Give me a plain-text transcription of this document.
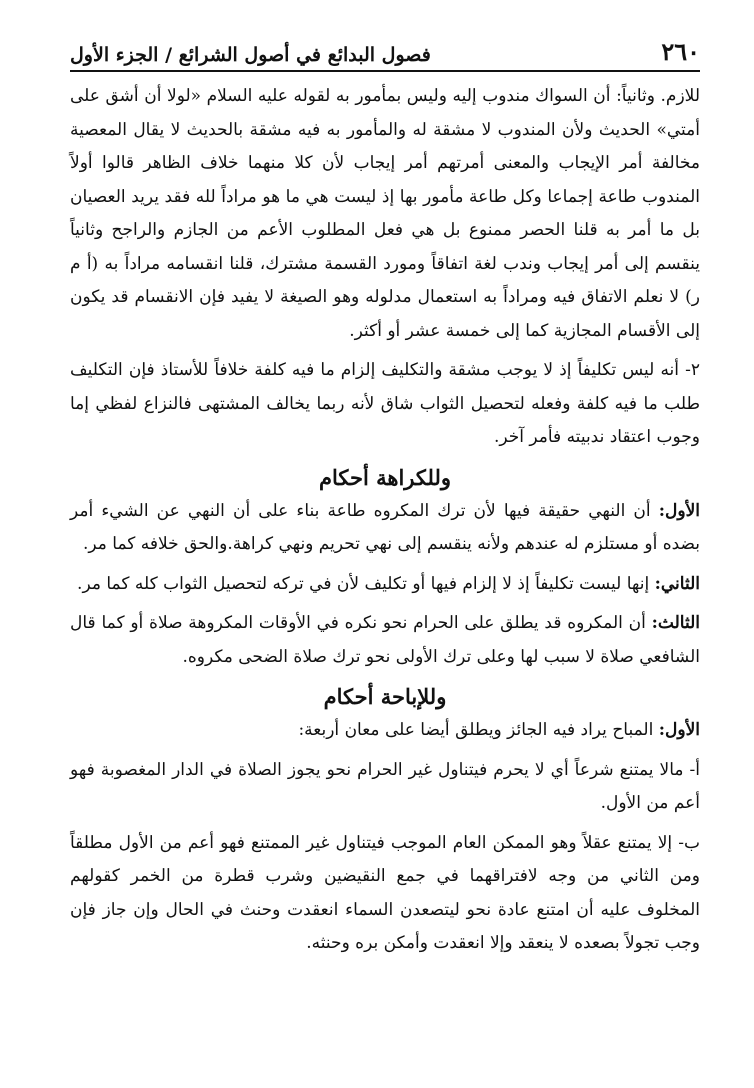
٢٦٠
فصول البدائع في أصول الشرائع / الجزء الأول

للازم. وثانياً: أن السواك مندوب إليه وليس بمأمور به لقوله عليه السلام «لولا أن أشق على أمتي» الحديث ولأن المندوب لا مشقة له والمأمور به فيه مشقة بالحديث لا يقال المعصية مخالفة أمر الإيجاب والمعنى أمرتهم أمر إيجاب لأن كلا منهما خلاف الظاهر قالوا أولاً المندوب طاعة إجماعا وكل طاعة مأمور بها إذ ليست هي ما هو مراداً لله فقد يريد العصيان بل ما أمر به قلنا الحصر ممنوع بل هي فعل المطلوب الأعم من الجازم والراجح وثانياً ينقسم إلى أمر إيجاب وندب لغة اتفاقاً ومورد القسمة مشترك، قلنا انقسامه مراداً به (أ م ر) لا نعلم الاتفاق فيه ومراداً به استعمال مدلوله وهو الصيغة لا يفيد فإن الانقسام قد يكون إلى الأقسام المجازية كما إلى خمسة عشر أو أكثر.

٢- أنه ليس تكليفاً إذ لا يوجب مشقة والتكليف إلزام ما فيه كلفة خلافاً للأستاذ فإن التكليف طلب ما فيه كلفة وفعله لتحصيل الثواب شاق لأنه ربما يخالف المشتهى فالنزاع لفظي إما وجوب اعتقاد ندبيته فأمر آخر.

وللكراهة أحكام

الأول: أن النهي حقيقة فيها لأن ترك المكروه طاعة بناء على أن النهي عن الشيء أمر بضده أو مستلزم له عندهم ولأنه ينقسم إلى نهي تحريم ونهي كراهة.والحق خلافه كما مر.

الثاني: إنها ليست تكليفاً إذ لا إلزام فيها أو تكليف لأن في تركه لتحصيل الثواب كله كما مر.

الثالث: أن المكروه قد يطلق على الحرام نحو نكره في الأوقات المكروهة صلاة أو كما قال الشافعي صلاة لا سبب لها وعلى ترك الأولى نحو ترك صلاة الضحى مكروه.

وللإباحة أحكام

الأول: المباح يراد فيه الجائز ويطلق أيضا على معان أربعة:

أ- مالا يمتنع شرعاً أي لا يحرم فيتناول غير الحرام نحو يجوز الصلاة في الدار المغصوبة فهو أعم من الأول.

ب- إلا يمتنع عقلاً وهو الممكن العام الموجب فيتناول غير الممتنع فهو أعم من الأول مطلقاً ومن الثاني من وجه لافتراقهما في جمع النقيضين وشرب قطرة من الخمر كقولهم المخلوف عليه أن امتنع عادة نحو ليتصعدن السماء انعقدت وحنث في الحال وإن جاز فإن وجب تجولاً بصعده لا ينعقد وإلا انعقدت وأمكن بره وحنثه.
